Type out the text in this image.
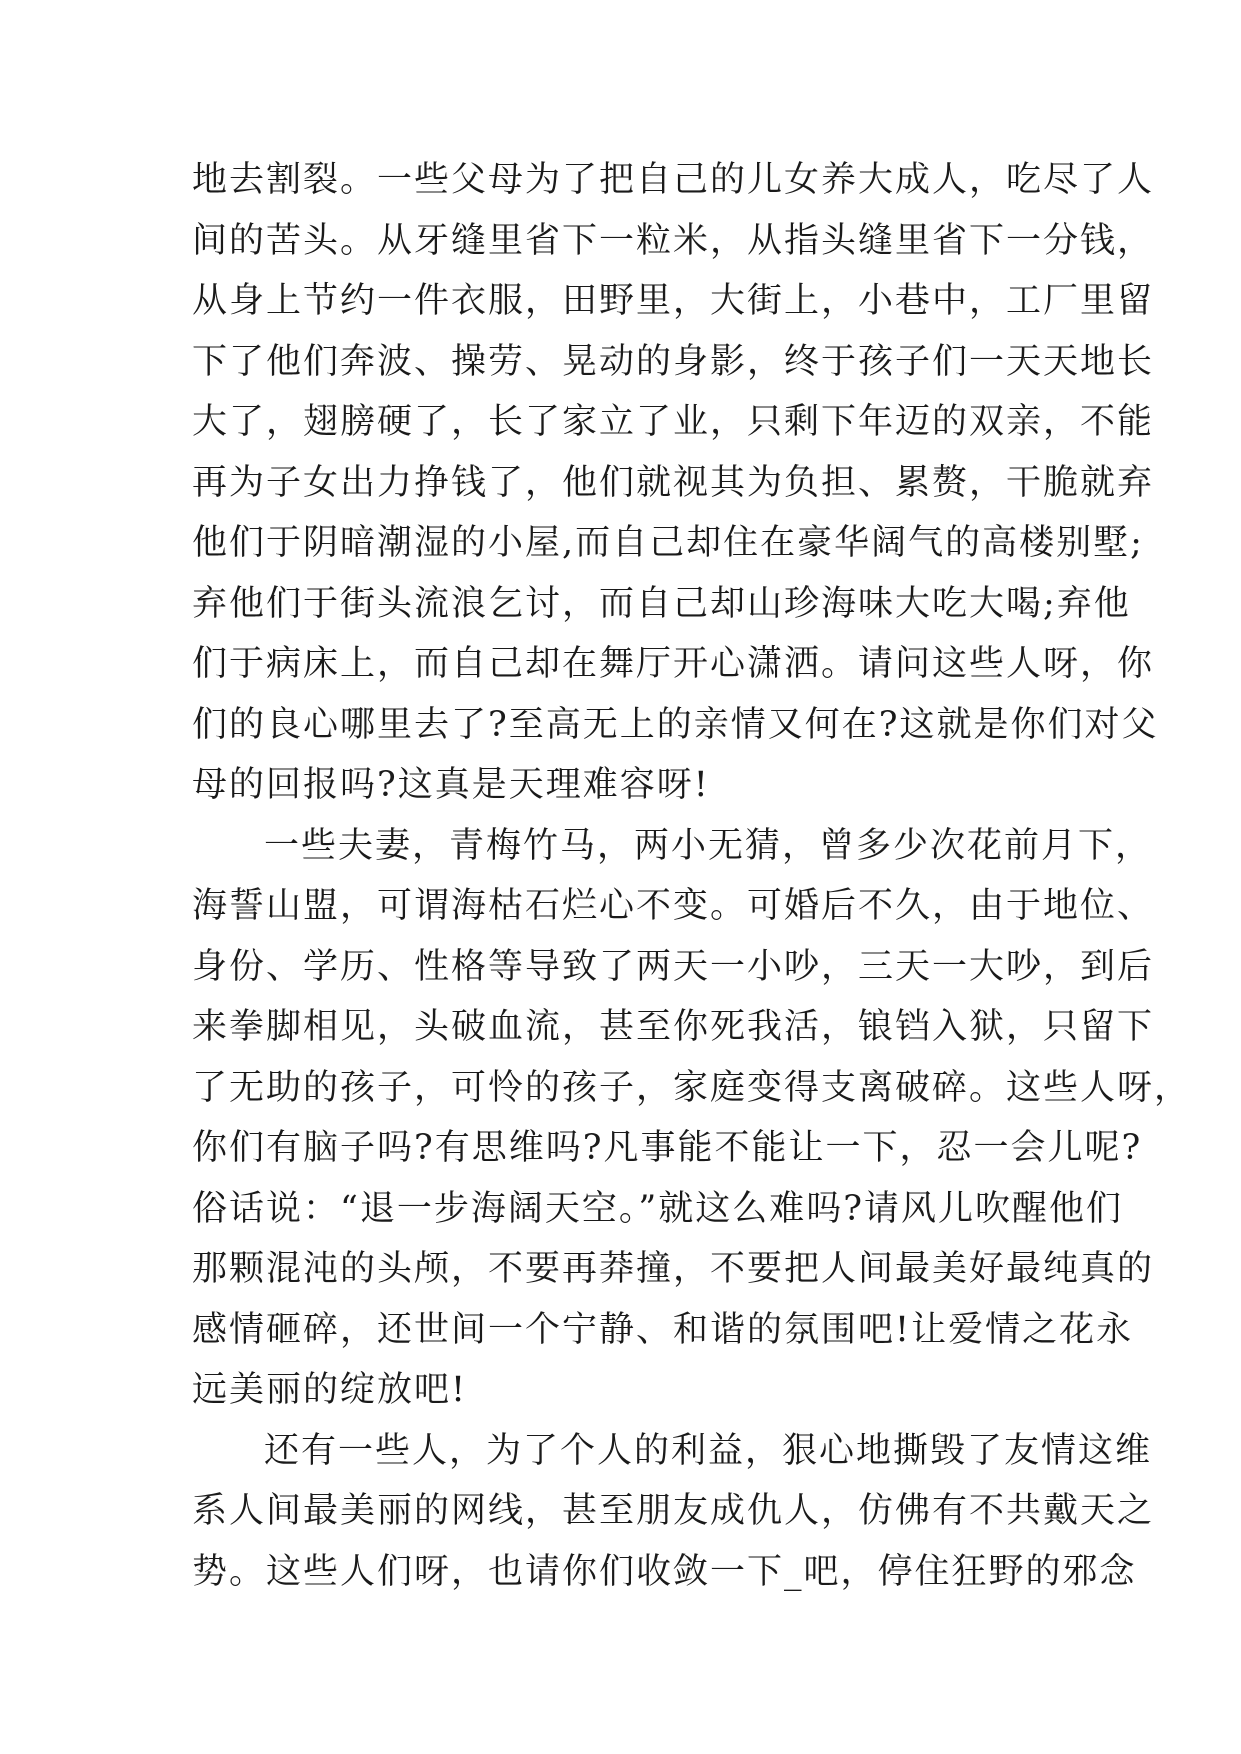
地去割裂。一些父母为了把自己的儿女养大成人，吃尽了人
间的苦头。从牙缝里省下一粒米，从指头缝里省下一分钱，
从身上节约一件衣服，田野里，大街上，小巷中，工厂里留
下了他们奔波、操劳、晃动的身影，终于孩子们一天天地长
大了，翅膀硬了，长了家立了业，只剩下年迈的双亲，不能
再为子女出力挣钱了，他们就视其为负担、累赘，干脆就弃
他们于阴暗潮湿的小屋,而自己却住在豪华阔气的高楼别墅;
弃他们于街头流浪乞讨，而自己却山珍海味大吃大喝;弃他
们于病床上，而自己却在舞厅开心潇洒。请问这些人呀，你
们的良心哪里去了?至高无上的亲情又何在?这就是你们对父
母的回报吗?这真是天理难容呀!
一些夫妻，青梅竹马，两小无猜，曾多少次花前月下，
海誓山盟，可谓海枯石烂心不变。可婚后不久，由于地位、
身份、学历、性格等导致了两天一小吵，三天一大吵，到后
来拳脚相见，头破血流，甚至你死我活，锒铛入狱，只留下
了无助的孩子，可怜的孩子，家庭变得支离破碎。这些人呀，
你们有脑子吗?有思维吗?凡事能不能让一下，忍一会儿呢?
俗话说：“退一步海阔天空。”就这么难吗?请风儿吹醒他们
那颗混沌的头颅，不要再莽撞，不要把人间最美好最纯真的
感情砸碎，还世间一个宁静、和谐的氛围吧!让爱情之花永
远美丽的绽放吧!
还有一些人，为了个人的利益，狠心地撕毁了友情这维
系人间最美丽的网线，甚至朋友成仇人，仿佛有不共戴天之
势。这些人们呀，也请你们收敛一下_吧，停住狂野的邪念
